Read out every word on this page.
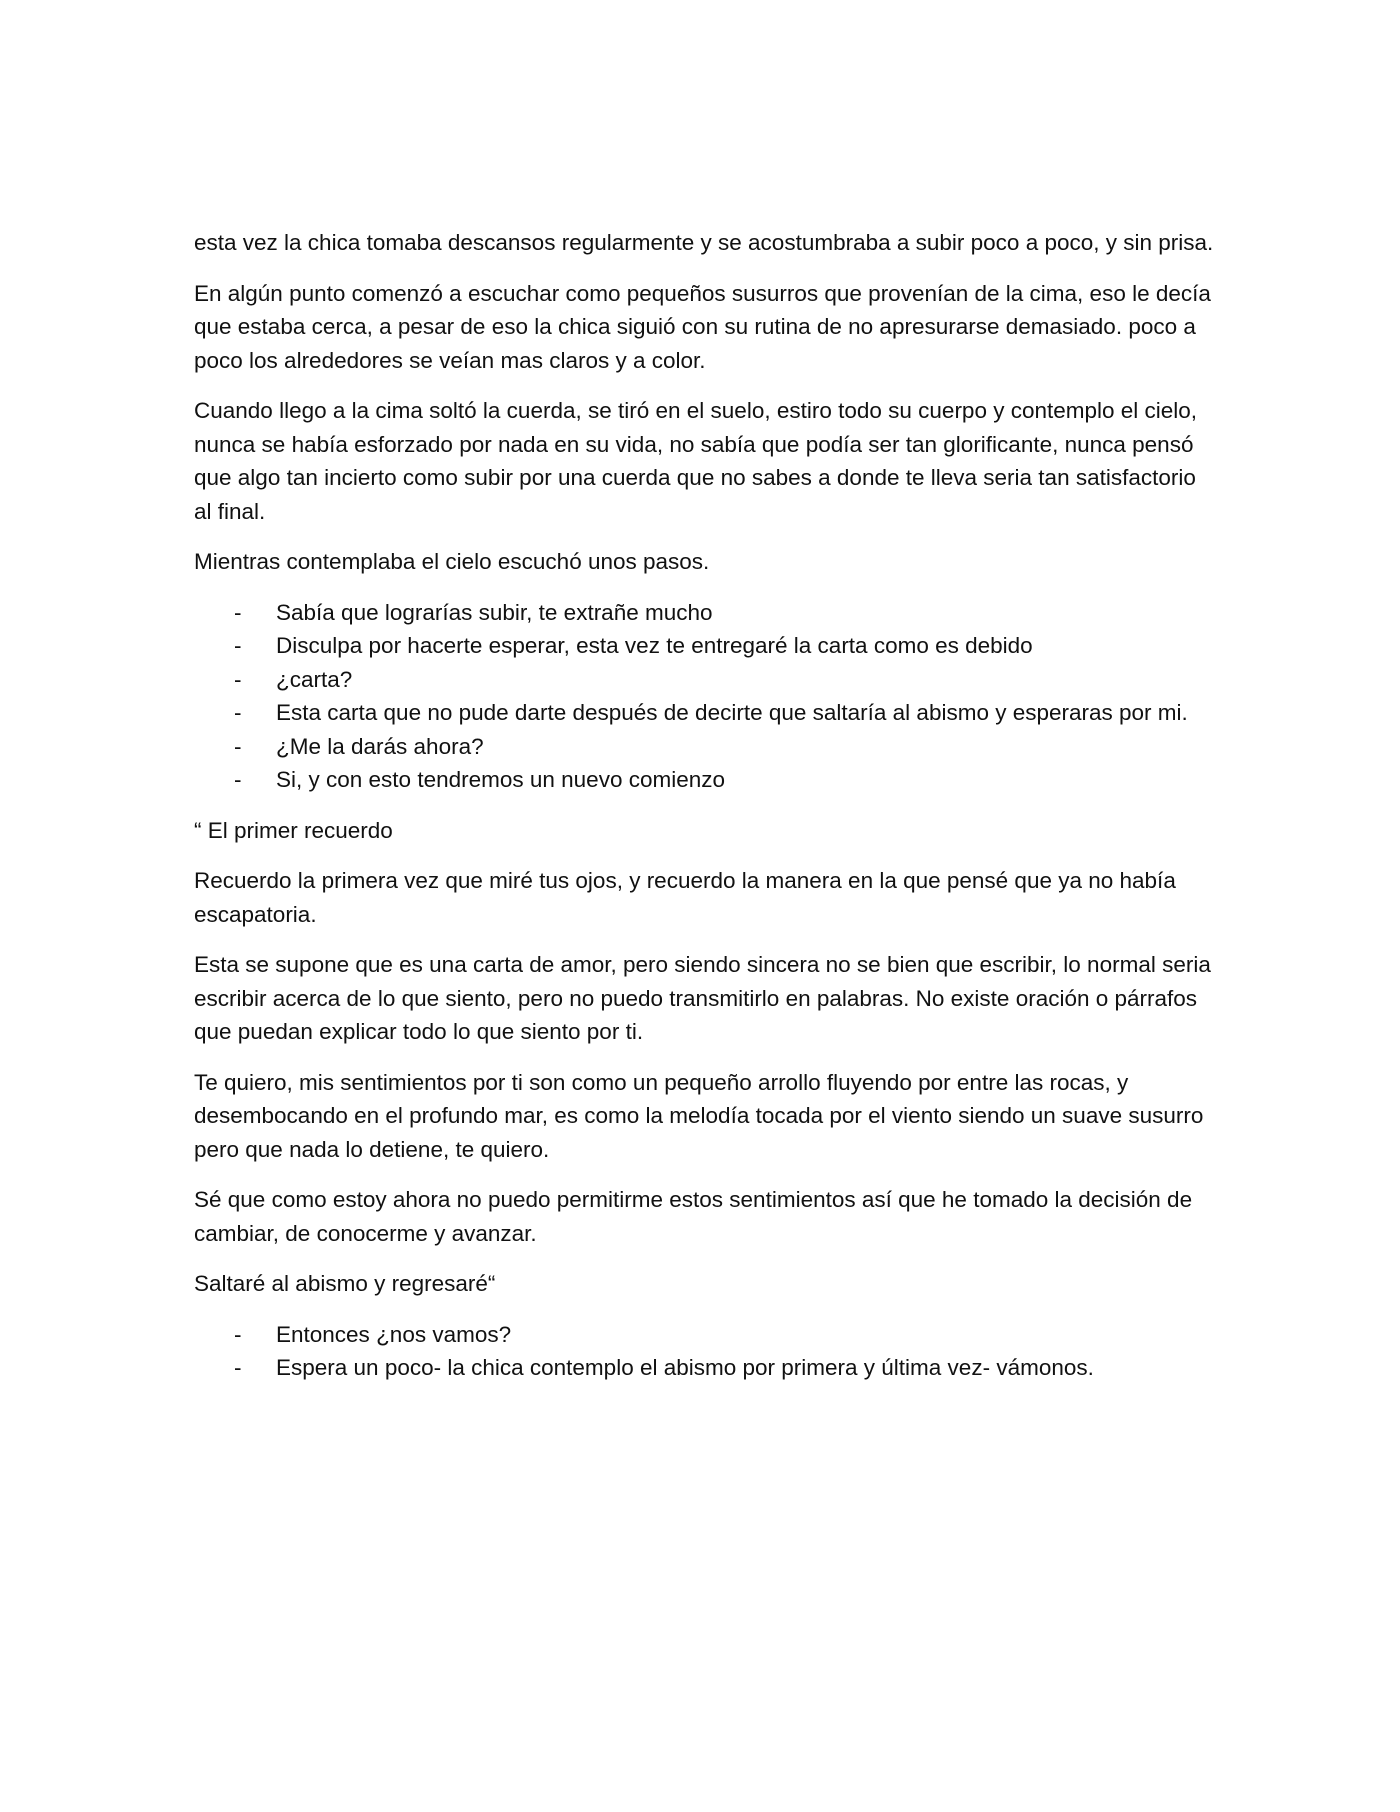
esta vez la chica tomaba descansos regularmente y se acostumbraba a subir poco a poco, y sin prisa.

En algún punto comenzó a escuchar como pequeños susurros que provenían de la cima, eso le decía que estaba cerca, a pesar de eso la chica siguió con su rutina de no apresurarse demasiado. poco a poco los alrededores se veían mas claros y a color.

Cuando llego a la cima soltó la cuerda, se tiró en el suelo, estiro todo su cuerpo y contemplo el cielo, nunca se había esforzado por nada en su vida, no sabía que podía ser tan glorificante, nunca pensó que algo tan incierto como subir por una cuerda que no sabes a donde te lleva seria tan satisfactorio al final.

Mientras contemplaba el cielo escuchó unos pasos.

- Sabía que lograrías subir, te extrañe mucho
- Disculpa por hacerte esperar, esta vez te entregaré la carta como es debido
- ¿carta?
- Esta carta que no pude darte después de decirte que saltaría al abismo y esperaras por mi.
- ¿Me la darás ahora?
- Si, y con esto tendremos un nuevo comienzo

“ El primer recuerdo

Recuerdo la primera vez que miré tus ojos, y recuerdo la manera en la que pensé que ya no había escapatoria.

Esta se supone que es una carta de amor, pero siendo sincera no se bien que escribir, lo normal seria escribir acerca de lo que siento, pero no puedo transmitirlo en palabras. No existe oración o párrafos que puedan explicar todo lo que siento por ti.

Te quiero, mis sentimientos por ti son como un pequeño arrollo fluyendo por entre las rocas, y desembocando en el profundo mar, es como la melodía tocada por el viento siendo un suave susurro pero que nada lo detiene, te quiero.

Sé que como estoy ahora no puedo permitirme estos sentimientos así que he tomado la decisión de cambiar, de conocerme y avanzar.

Saltaré al abismo y regresaré“

- Entonces ¿nos vamos?
- Espera un poco- la chica contemplo el abismo por primera y última vez- vámonos.
